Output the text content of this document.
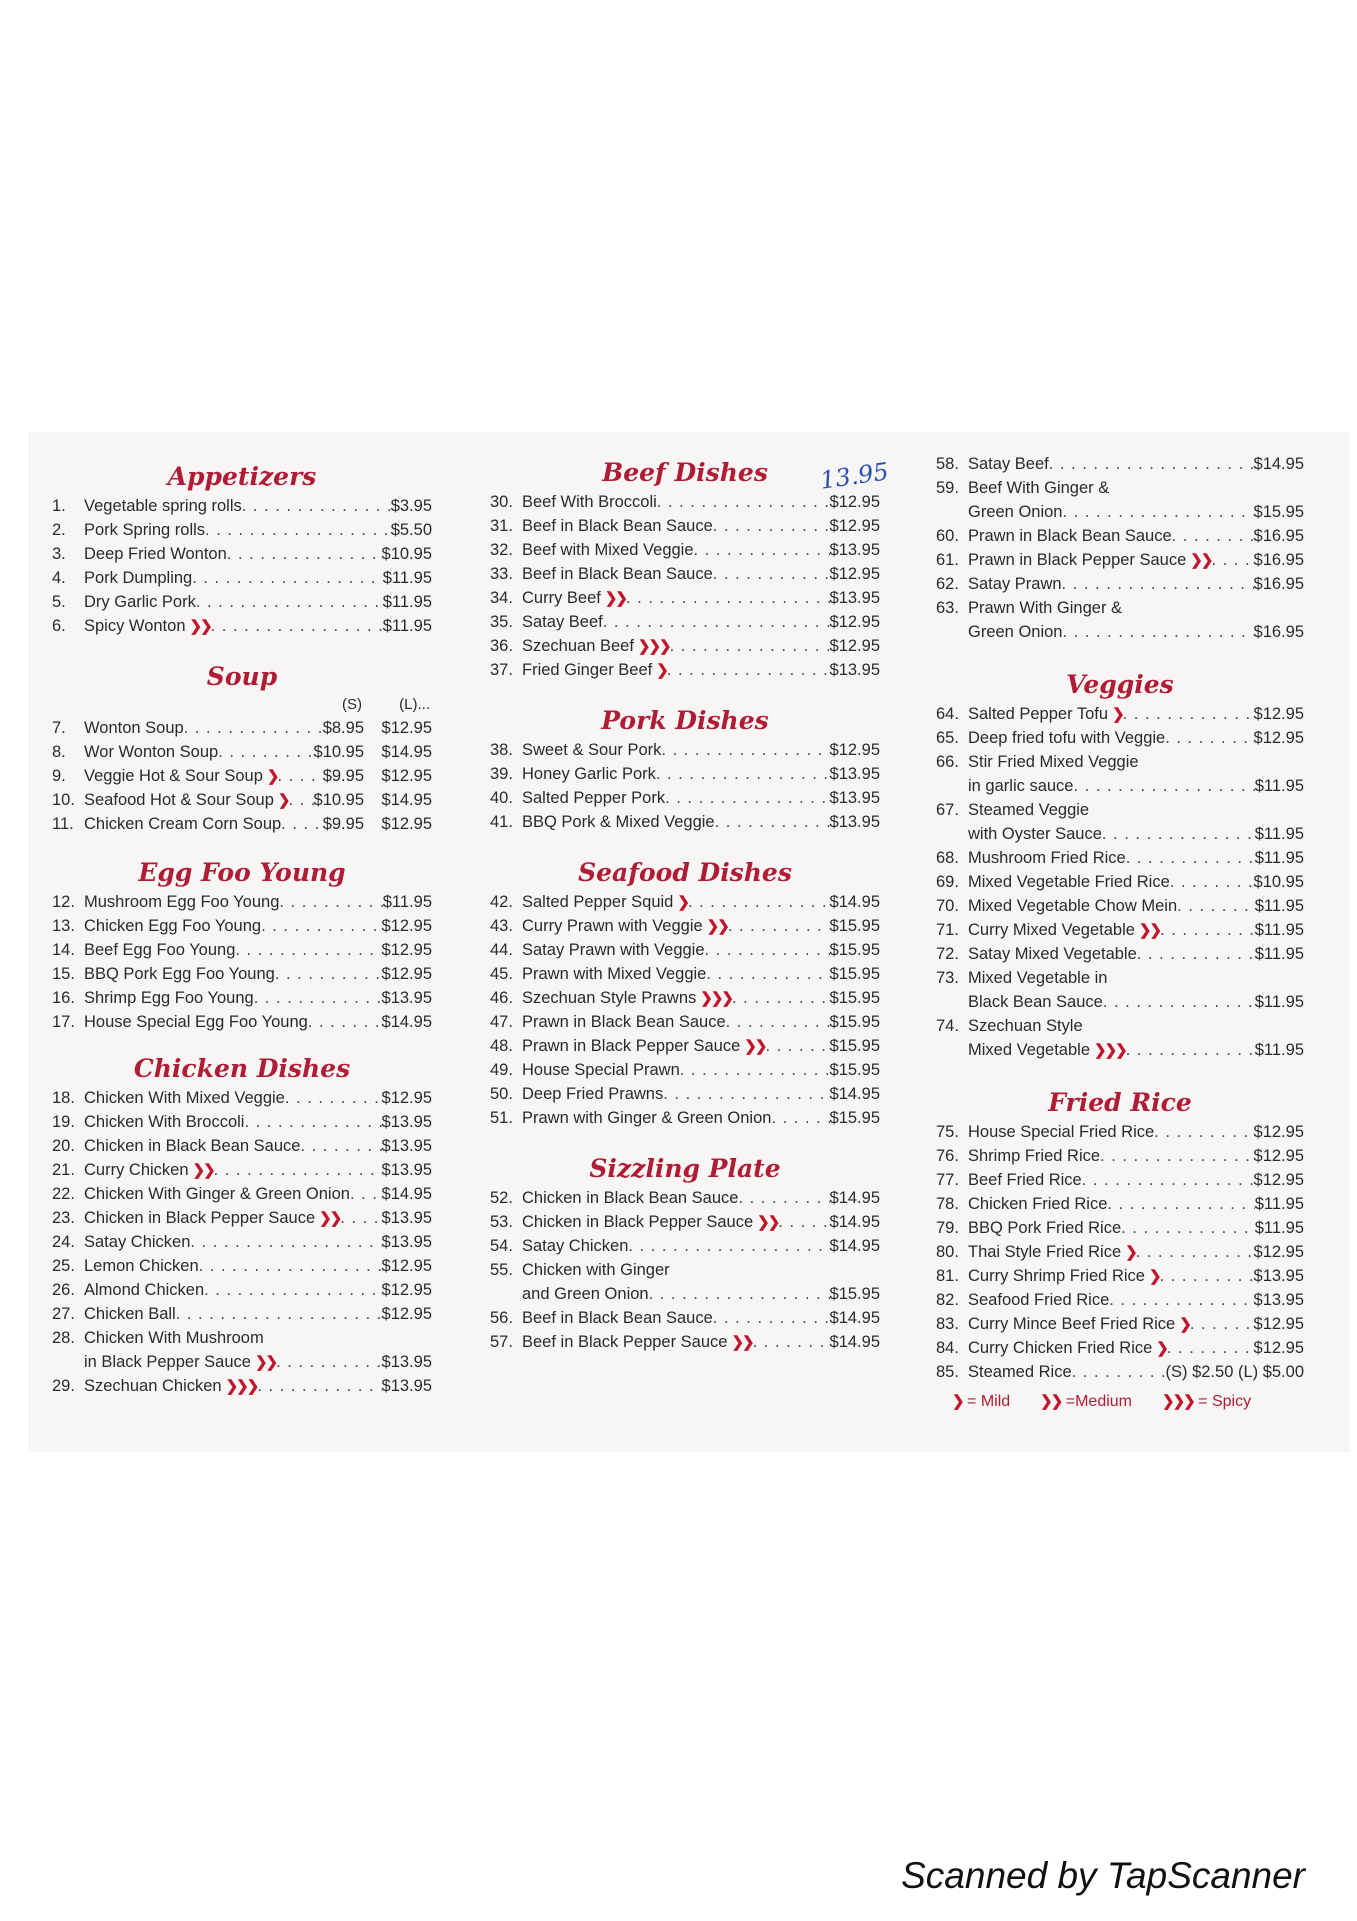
Appetizers
1.	Vegetable spring rolls . . .	$3.95
2.	Pork Spring rolls . . .	$5.50
3.	Deep Fried Wonton . . .	$10.95
4.	Pork Dumpling . . .	$11.95
5.	Dry Garlic Pork . . .	$11.95
6.	Spicy Wonton ❯❯ . . .	$11.95
Soup
(S)	(L)...
7.	Wonton Soup . . .	$8.95	$12.95
8.	Wor Wonton Soup . . .	$10.95	$14.95
9.	Veggie Hot & Sour Soup ❯ . . .	$9.95	$12.95
10. Seafood Hot & Sour Soup ❯ . . . $10.95	$14.95
11. Chicken Cream Corn Soup . . .	$9.95	$12.95
Egg Foo Young
12. Mushroom Egg Foo Young . . .	$11.95
13. Chicken Egg Foo Young . . .	$12.95
14. Beef Egg Foo Young . . .	$12.95
15. BBQ Pork Egg Foo Young . . .	$12.95
16. Shrimp Egg Foo Young . . .	$13.95
17. House Special Egg Foo Young . . .	$14.95
Chicken Dishes
18. Chicken With Mixed Veggie . . .	$12.95
19. Chicken With Broccoli . . .	$13.95
20. Chicken in Black Bean Sauce . . .	$13.95
21. Curry Chicken ❯❯ . . .	$13.95
22. Chicken With Ginger & Green Onion . . . $14.95
23. Chicken in Black Pepper Sauce ❯❯ . . .	$13.95
24. Satay Chicken . . .	$13.95
25. Lemon Chicken . . .	$12.95
26. Almond Chicken . . .	$12.95
27. Chicken Ball . . .	$12.95
28. Chicken With Mushroom
in Black Pepper Sauce ❯❯ . . .	$13.95
29. Szechuan Chicken ❯❯❯ . . .	$13.95
Beef Dishes
30. Beef With Broccoli . . .	$12.95
31. Beef in Black Bean Sauce . . .	$12.95
32. Beef with Mixed Veggie . . .	$13.95
33. Beef in Black Bean Sauce . . .	$12.95
34. Curry Beef ❯❯ . . .	$13.95
35. Satay Beef . . .	$12.95
36. Szechuan Beef ❯❯❯ . . .	$12.95
37. Fried Ginger Beef ❯ . . .	$13.95
Pork Dishes
38. Sweet & Sour Pork . . .	$12.95
39. Honey Garlic Pork . . .	$13.95
40. Salted Pepper Pork . . .	$13.95
41. BBQ Pork & Mixed Veggie . . .	$13.95
Seafood Dishes
42. Salted Pepper Squid ❯ . . .	$14.95
43. Curry Prawn with Veggie ❯❯ . . .	$15.95
44. Satay Prawn with Veggie . . .	$15.95
45. Prawn with Mixed Veggie . . .	$15.95
46. Szechuan Style Prawns ❯❯❯ . . .	$15.95
47. Prawn in Black Bean Sauce . . .	$15.95
48. Prawn in Black Pepper Sauce ❯❯ . . .	$15.95
49. House Special Prawn . . .	$15.95
50. Deep Fried Prawns . . .	$14.95
51. Prawn with Ginger & Green Onion . . .	$15.95
Sizzling Plate
52. Chicken in Black Bean Sauce . . .	$14.95
53. Chicken in Black Pepper Sauce ❯❯ . . .	$14.95
54. Satay Chicken . . .	$14.95
55. Chicken with Ginger
and Green Onion . . .	$15.95
56. Beef in Black Bean Sauce . . .	$14.95
57. Beef in Black Pepper Sauce ❯❯ . . .	$14.95
13.95	58. Satay Beef . . .	$14.95
59. Beef With Ginger &
Green Onion . . .	$15.95
60. Prawn in Black Bean Sauce . . .	$16.95
61. Prawn in Black Pepper Sauce ❯❯ . . .	$16.95
62. Satay Prawn . . .	$16.95
63. Prawn With Ginger &
Green Onion . . .	$16.95
Veggies
64. Salted Pepper Tofu ❯ . . .	$12.95
65. Deep fried tofu with Veggie . . .	$12.95
66. Stir Fried Mixed Veggie
in garlic sauce . . .	$11.95
67. Steamed Veggie
with Oyster Sauce . . .	$11.95
68. Mushroom Fried Rice . . .	$11.95
69. Mixed Vegetable Fried Rice . . .	$10.95
70. Mixed Vegetable Chow Mein . . .	$11.95
71. Curry Mixed Vegetable ❯❯ . . .	$11.95
72. Satay Mixed Vegetable . . .	$11.95
73. Mixed Vegetable in
Black Bean Sauce . . .	$11.95
74. Szechuan Style
Mixed Vegetable ❯❯❯ . . .	$11.95
Fried Rice
75. House Special Fried Rice . . .	$12.95
76. Shrimp Fried Rice . . .	$12.95
77. Beef Fried Rice . . .	$12.95
78. Chicken Fried Rice . . .	$11.95
79. BBQ Pork Fried Rice . . .	$11.95
80. Thai Style Fried Rice ❯ . . .	$12.95
81. Curry Shrimp Fried Rice ❯ . . .	$13.95
82. Seafood Fried Rice . . .	$13.95
83. Curry Mince Beef Fried Rice ❯ . . .	$12.95
84. Curry Chicken Fried Rice ❯ . . .	$12.95
85. Steamed Rice . . .	(S) $2.50 (L) $5.00
❯ = Mild ❯❯ =Medium ❯❯❯ = Spicy
Scanned by TapScanner
